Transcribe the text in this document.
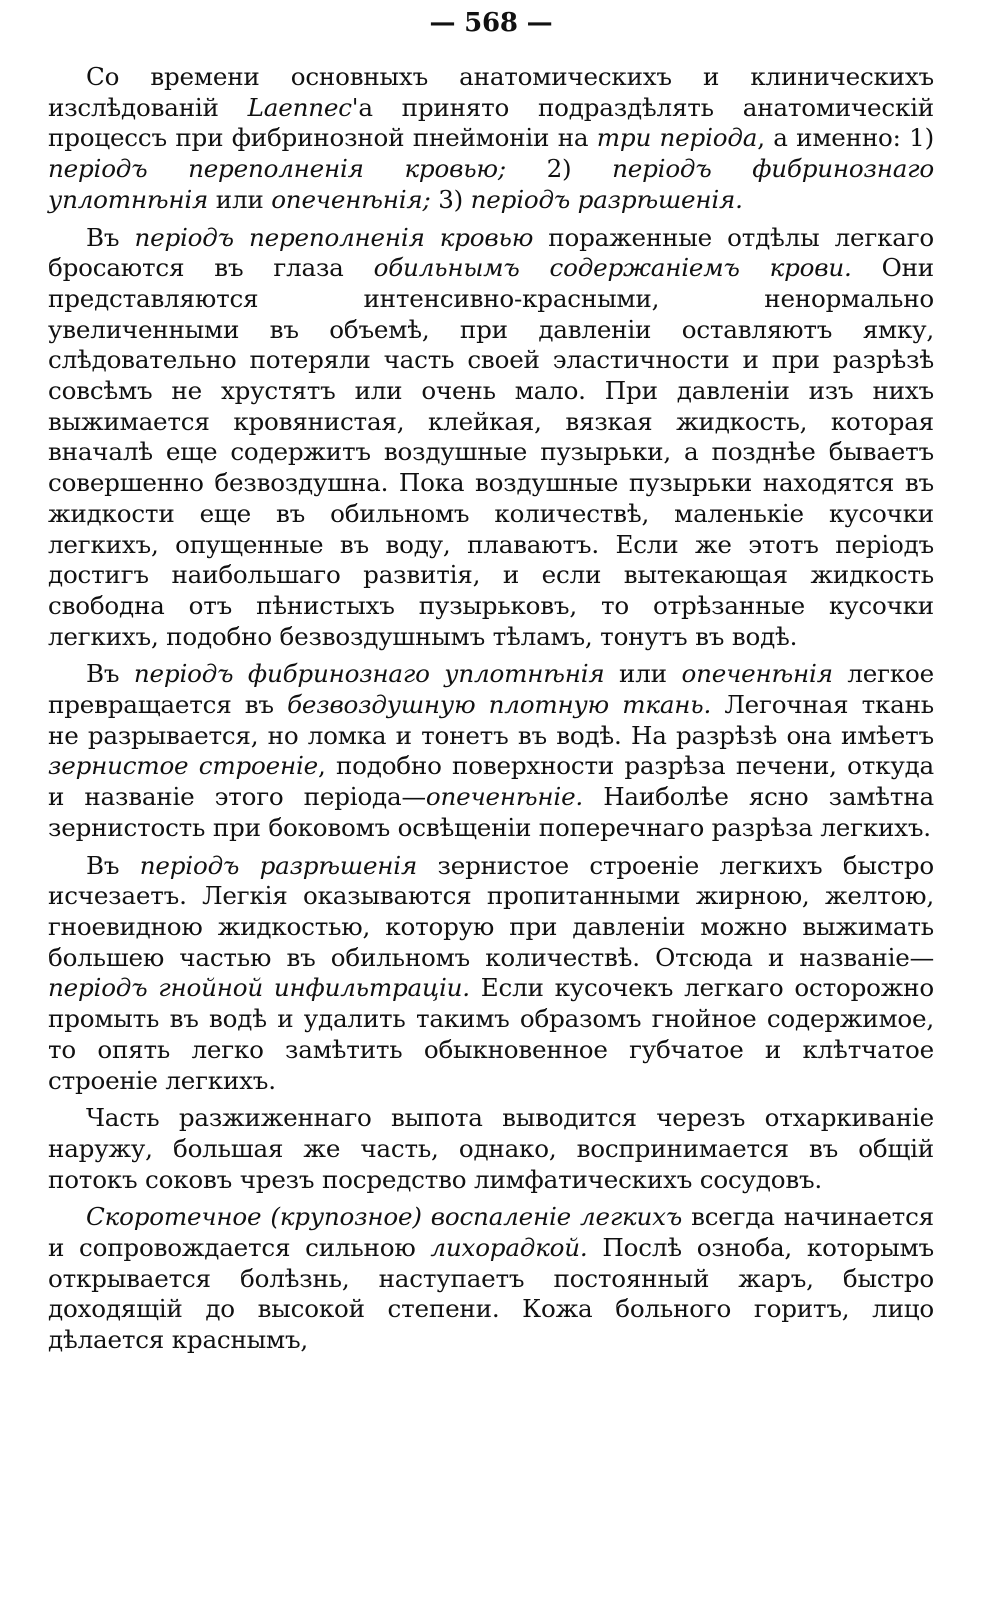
— 568 —

Со времени основныхъ анатомическихъ и клиническихъ изслѣдованій Laennec'а принято подраздѣлять анатомическій процессъ при фибринозной пнеймоніи на три періода, а именно: 1) періодъ переполненія кровью; 2) періодъ фибринознаго уплотнѣнія или опеченѣнія; 3) періодъ разрѣшенія.

Въ періодъ переполненія кровью пораженные отдѣлы легкаго бросаются въ глаза обильнымъ содержаніемъ крови. Они представляются интенсивно-красными, ненормально увеличенными въ объемѣ, при давленіи оставляютъ ямку, слѣдовательно потеряли часть своей эластичности и при разрѣзѣ совсѣмъ не хрустятъ или очень мало. При давленіи изъ нихъ выжимается кровянистая, клейкая, вязкая жидкость, которая вначалѣ еще содержитъ воздушные пузырьки, а позднѣе бываетъ совершенно безвоздушна. Пока воздушные пузырьки находятся въ жидкости еще въ обильномъ количествѣ, маленькіе кусочки легкихъ, опущенные въ воду, плаваютъ. Если же этотъ періодъ достигъ наибольшаго развитія, и если вытекающая жидкость свободна отъ пѣнистыхъ пузырьковъ, то отрѣзанные кусочки легкихъ, подобно безвоздушнымъ тѣламъ, тонутъ въ водѣ.

Въ періодъ фибринознаго уплотнѣнія или опеченѣнія легкое превращается въ безвоздушную плотную ткань. Легочная ткань не разрывается, но ломка и тонетъ въ водѣ. На разрѣзѣ она имѣетъ зернистое строеніе, подобно поверхности разрѣза печени, откуда и названіе этого періода—опеченѣніе. Наиболѣе ясно замѣтна зернистость при боковомъ освѣщеніи поперечнаго разрѣза легкихъ.

Въ періодъ разрѣшенія зернистое строеніе легкихъ быстро исчезаетъ. Легкія оказываются пропитанными жирною, желтою, гноевидною жидкостью, которую при давленіи можно выжимать большею частью въ обильномъ количествѣ. Отсюда и названіе—періодъ гнойной инфильтраціи. Если кусочекъ легкаго осторожно промыть въ водѣ и удалить такимъ образомъ гнойное содержимое, то опять легко замѣтить обыкновенное губчатое и клѣтчатое строеніе легкихъ.

Часть разжиженнаго выпота выводится черезъ отхаркиваніе наружу, большая же часть, однако, воспринимается въ общій потокъ соковъ чрезъ посредство лимфатическихъ сосудовъ.

Скоротечное (крупозное) воспаленіе легкихъ всегда начинается и сопровождается сильною лихорадкой. Послѣ озноба, которымъ открывается болѣзнь, наступаетъ постоянный жаръ, быстро доходящій до высокой степени. Кожа больного горитъ, лицо дѣлается краснымъ,
